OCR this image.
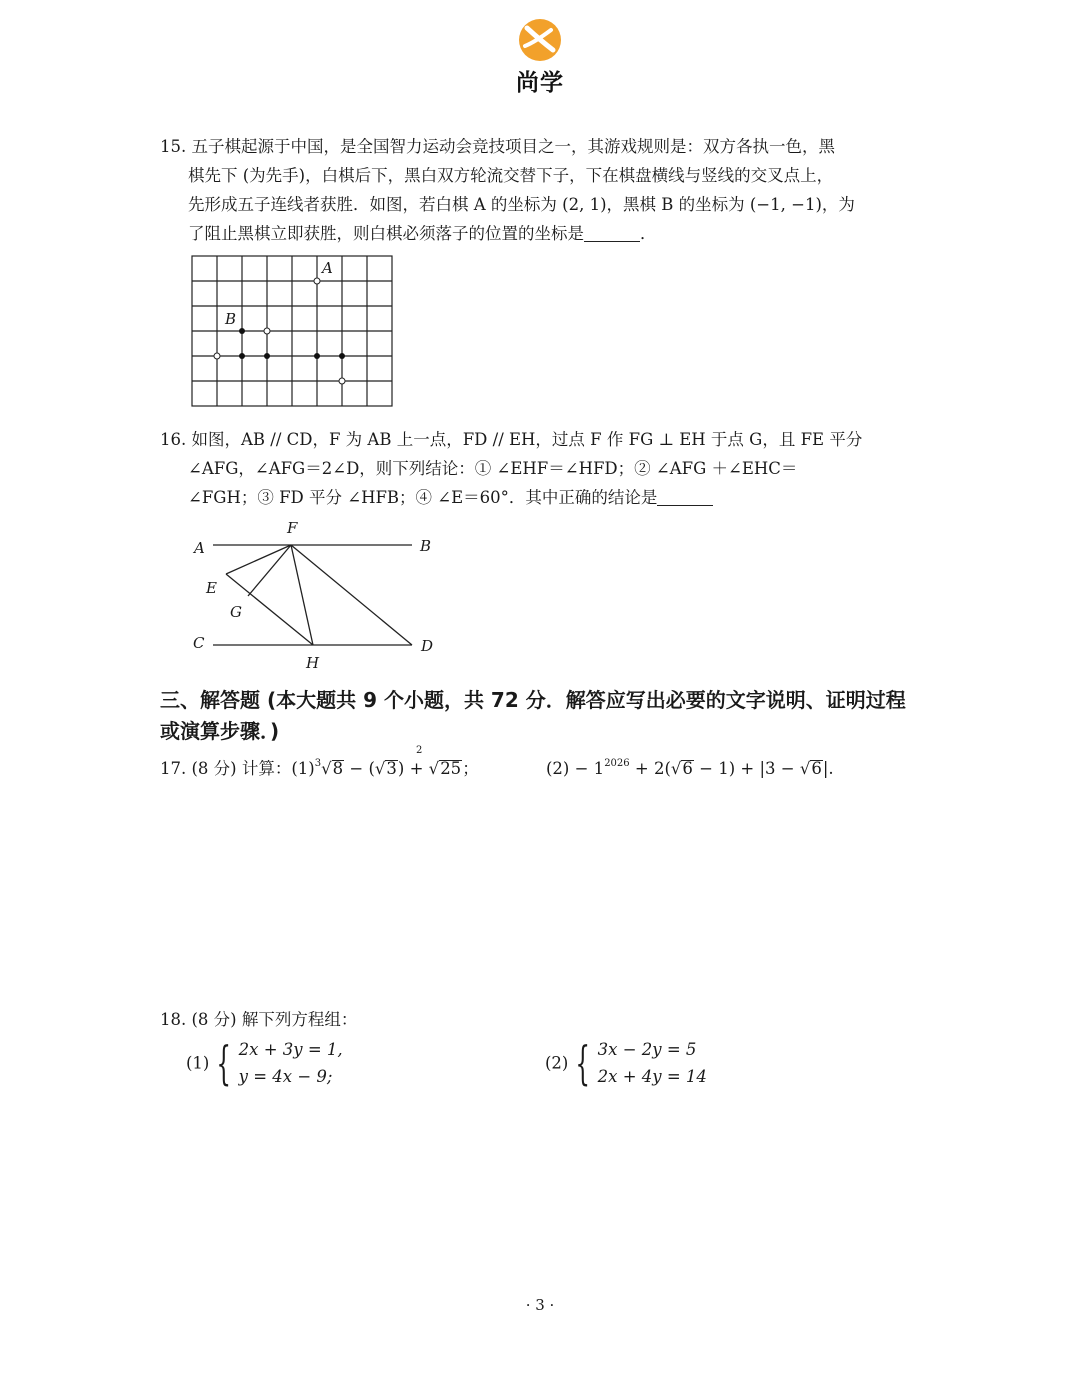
尚学
15. 五子棋起源于中国，是全国智力运动会竞技项目之一，其游戏规则是：双方各执一色，黑
棋先下 (为先手)，白棋后下，黑白双方轮流交替下子，下在棋盘横线与竖线的交叉点上，
先形成五子连线者获胜．如图，若白棋 A 的坐标为 (2, 1)，黑棋 B 的坐标为 (−1, −1)，为
了阻止黑棋立即获胜，则白棋必须落子的位置的坐标是	．
A
B
16. 如图，AB // CD，F 为 AB 上一点，FD // EH，过点 F 作 FG ⊥ EH 于点 G，且 FE 平分
∠AFG，∠AFG＝2∠D，则下列结论：① ∠EHF＝∠HFD；② ∠AFG ＋∠EHC＝
∠FGH；③ FD 平分 ∠HFB；④ ∠E＝60°．其中正确的结论是
A	B
F
E
G
C	D
H
三、解答题 (本大题共 9 个小题，共 72 分．解答应写出必要的文字说明、证明过程
或演算步骤．)
17. (8 分) 计算：$(1)^3√8 - (√3) + √25$；	$(2) - 1^{2026} + 2(√6 - 1) + |3 - √6|$.
$^2$
18. (8 分) 解下列方程组：
(1) { 2x + 3y = 1,
y = 4x − 9;
(2) { 3x − 2y = 5
2x + 4y = 14
· 3 ·
